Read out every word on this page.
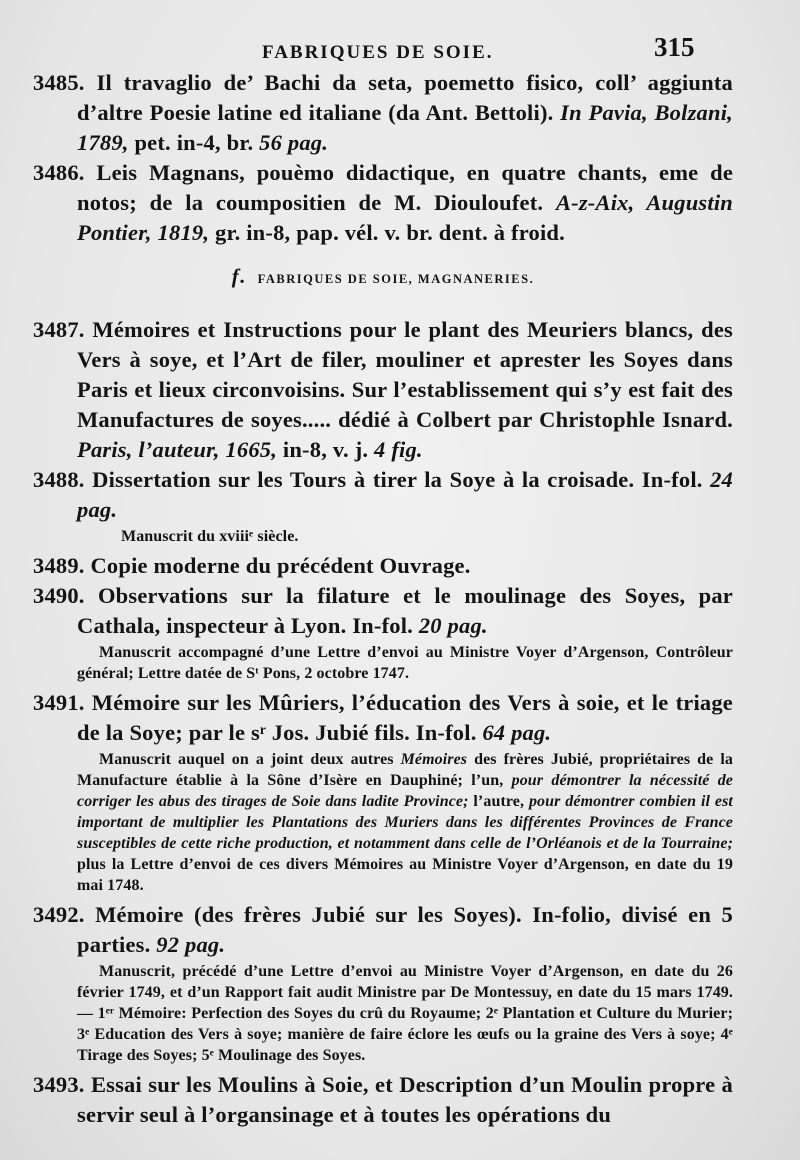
FABRIQUES DE SOIE.	315
3485. Il travaglio de’ Bachi da seta, poemetto fisico, coll’ aggiunta d’altre Poesie latine ed italiane (da Ant. Bettoli). In Pavia, Bolzani, 1789, pet. in-4, br. 56 pag.
3486. Leis Magnans, pouèmo didactique, en quatre chants, eme de notos; de la coumpositien de M. Diouloufet. A-z-Aix, Augustin Pontier, 1819, gr. in-8, pap. vél. v. br. dent. à froid.
f. FABRIQUES DE SOIE, MAGNANERIES.
3487. Mémoires et Instructions pour le plant des Meuriers blancs, des Vers à soye, et l’Art de filer, mouliner et aprester les Soyes dans Paris et lieux circonvoisins. Sur l’establissement qui s’y est fait des Manufactures de soyes..... dédié à Colbert par Christophle Isnard. Paris, l’auteur, 1665, in-8, v. j. 4 fig.
3488. Dissertation sur les Tours à tirer la Soye à la croisade. In-fol. 24 pag.
Manuscrit du xviiiᵉ siècle.
3489. Copie moderne du précédent Ouvrage.
3490. Observations sur la filature et le moulinage des Soyes, par Cathala, inspecteur à Lyon. In-fol. 20 pag.
Manuscrit accompagné d’une Lettre d’envoi au Ministre Voyer d’Argenson, Contrôleur général; Lettre datée de Sᵗ Pons, 2 octobre 1747.
3491. Mémoire sur les Mûriers, l’éducation des Vers à soie, et le triage de la Soye; par le sʳ Jos. Jubié fils. In-fol. 64 pag.
Manuscrit auquel on a joint deux autres Mémoires des frères Jubié, propriétaires de la Manufacture établie à la Sône d’Isère en Dauphiné; l’un, pour démontrer la nécessité de corriger les abus des tirages de Soie dans ladite Province; l’autre, pour démontrer combien il est important de multiplier les Plantations des Muriers dans les différentes Provinces de France susceptibles de cette riche production, et notamment dans celle de l’Orléanois et de la Tourraine; plus la Lettre d’envoi de ces divers Mémoires au Ministre Voyer d’Argenson, en date du 19 mai 1748.
3492. Mémoire (des frères Jubié sur les Soyes). In-folio, divisé en 5 parties. 92 pag.
Manuscrit, précédé d’une Lettre d’envoi au Ministre Voyer d’Argenson, en date du 26 février 1749, et d’un Rapport fait audit Ministre par De Montessuy, en date du 15 mars 1749. — 1ᵉʳ Mémoire: Perfection des Soyes du crû du Royaume; 2ᵉ Plantation et Culture du Murier; 3ᵉ Education des Vers à soye; manière de faire éclore les œufs ou la graine des Vers à soye; 4ᵉ Tirage des Soyes; 5ᵉ Moulinage des Soyes.
3493. Essai sur les Moulins à Soie, et Description d’un Moulin propre à servir seul à l’organsinage et à toutes les opérations du
